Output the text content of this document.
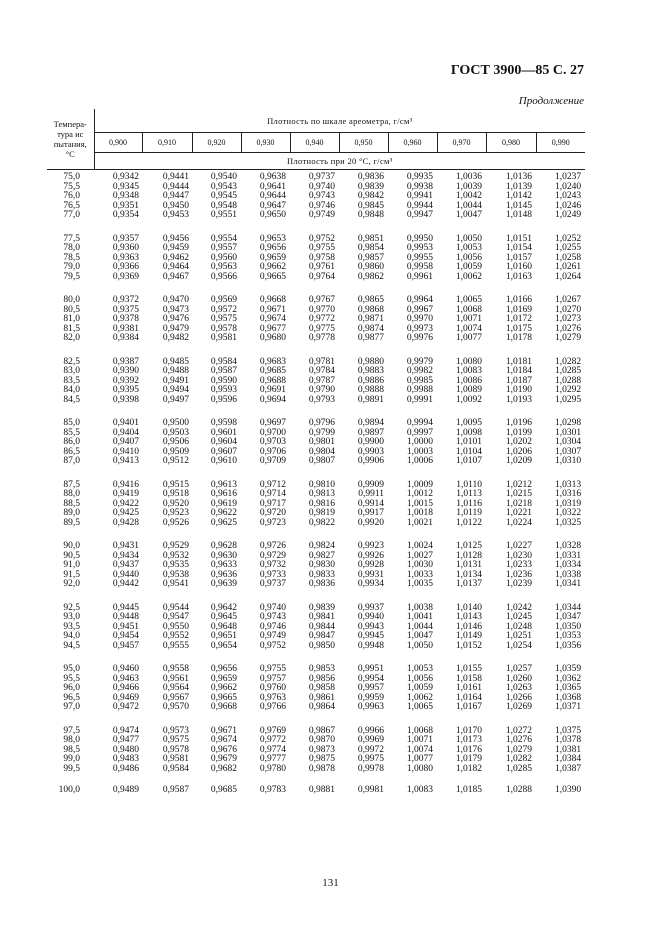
ГОСТ 3900—85 С. 27
Продолжение
Темпера-
тура ис
пытания,
°С	Плотность по шкале ареометра, г/см³									
	0,900	0,910	0,920	0,930	0,940	0,950	0,960	0,970	0,980	0,990
	Плотность при 20 °С, г/см³									

75,0	0,9342	0,9441	0,9540	0,9638	0,9737	0,9836	0,9935	1,0036	1,0136	1,0237
75,5	0,9345	0,9444	0,9543	0,9641	0,9740	0,9839	0,9938	1,0039	1,0139	1,0240
76,0	0,9348	0,9447	0,9545	0,9644	0,9743	0,9842	0,9941	1,0042	1,0142	1,0243
76,5	0,9351	0,9450	0,9548	0,9647	0,9746	0,9845	0,9944	1,0044	1,0145	1,0246
77,0	0,9354	0,9453	0,9551	0,9650	0,9749	0,9848	0,9947	1,0047	1,0148	1,0249

77,5	0,9357	0,9456	0,9554	0,9653	0,9752	0,9851	0,9950	1,0050	1,0151	1,0252
78,0	0,9360	0,9459	0,9557	0,9656	0,9755	0,9854	0,9953	1,0053	1,0154	1,0255
78,5	0,9363	0,9462	0,9560	0,9659	0,9758	0,9857	0,9955	1,0056	1,0157	1,0258
79,0	0,9366	0,9464	0,9563	0,9662	0,9761	0,9860	0,9958	1,0059	1,0160	1,0261
79,5	0,9369	0,9467	0,9566	0,9665	0,9764	0,9862	0,9961	1,0062	1,0163	1,0264

80,0	0,9372	0,9470	0,9569	0,9668	0,9767	0,9865	0,9964	1,0065	1,0166	1,0267
80,5	0,9375	0,9473	0,9572	0,9671	0,9770	0,9868	0,9967	1,0068	1,0169	1,0270
81,0	0,9378	0,9476	0,9575	0,9674	0,9772	0,9871	0,9970	1,0071	1,0172	1,0273
81,5	0,9381	0,9479	0,9578	0,9677	0,9775	0,9874	0,9973	1,0074	1,0175	1,0276
82,0	0,9384	0,9482	0,9581	0,9680	0,9778	0,9877	0,9976	1,0077	1,0178	1,0279

82,5	0,9387	0,9485	0,9584	0,9683	0,9781	0,9880	0,9979	1,0080	1,0181	1,0282
83,0	0,9390	0,9488	0,9587	0,9685	0,9784	0,9883	0,9982	1,0083	1,0184	1,0285
83,5	0,9392	0,9491	0,9590	0,9688	0,9787	0,9886	0,9985	1,0086	1,0187	1,0288
84,0	0,9395	0,9494	0,9593	0,9691	0,9790	0,9888	0,9988	1,0089	1,0190	1,0292
84,5	0,9398	0,9497	0,9596	0,9694	0,9793	0,9891	0,9991	1,0092	1,0193	1,0295

85,0	0,9401	0,9500	0,9598	0,9697	0,9796	0,9894	0,9994	1,0095	1,0196	1,0298
85,5	0,9404	0,9503	0,9601	0,9700	0,9799	0,9897	0,9997	1,0098	1,0199	1,0301
86,0	0,9407	0,9506	0,9604	0,9703	0,9801	0,9900	1,0000	1,0101	1,0202	1,0304
86,5	0,9410	0,9509	0,9607	0,9706	0,9804	0,9903	1,0003	1,0104	1,0206	1,0307
87,0	0,9413	0,9512	0,9610	0,9709	0,9807	0,9906	1,0006	1,0107	1,0209	1,0310

87,5	0,9416	0,9515	0,9613	0,9712	0,9810	0,9909	1,0009	1,0110	1,0212	1,0313
88,0	0,9419	0,9518	0,9616	0,9714	0,9813	0,9911	1,0012	1,0113	1,0215	1,0316
88,5	0,9422	0,9520	0,9619	0,9717	0,9816	0,9914	1,0015	1,0116	1,0218	1,0319
89,0	0,9425	0,9523	0,9622	0,9720	0,9819	0,9917	1,0018	1,0119	1,0221	1,0322
89,5	0,9428	0,9526	0,9625	0,9723	0,9822	0,9920	1,0021	1,0122	1,0224	1,0325

90,0	0,9431	0,9529	0,9628	0,9726	0,9824	0,9923	1,0024	1,0125	1,0227	1,0328
90,5	0,9434	0,9532	0,9630	0,9729	0,9827	0,9926	1,0027	1,0128	1,0230	1,0331
91,0	0,9437	0,9535	0,9633	0,9732	0,9830	0,9928	1,0030	1,0131	1,0233	1,0334
91,5	0,9440	0,9538	0,9636	0,9733	0,9833	0,9931	1,0033	1,0134	1,0236	1,0338
92,0	0,9442	0,9541	0,9639	0,9737	0,9836	0,9934	1,0035	1,0137	1,0239	1,0341

92,5	0,9445	0,9544	0,9642	0,9740	0,9839	0,9937	1,0038	1,0140	1,0242	1,0344
93,0	0,9448	0,9547	0,9645	0,9743	0,9841	0,9940	1,0041	1,0143	1,0245	1,0347
93,5	0,9451	0,9550	0,9648	0,9746	0,9844	0,9943	1,0044	1,0146	1,0248	1,0350
94,0	0,9454	0,9552	0,9651	0,9749	0,9847	0,9945	1,0047	1,0149	1,0251	1,0353
94,5	0,9457	0,9555	0,9654	0,9752	0,9850	0,9948	1,0050	1,0152	1,0254	1,0356

95,0	0,9460	0,9558	0,9656	0,9755	0,9853	0,9951	1,0053	1,0155	1,0257	1,0359
95,5	0,9463	0,9561	0,9659	0,9757	0,9856	0,9954	1,0056	1,0158	1,0260	1,0362
96,0	0,9466	0,9564	0,9662	0,9760	0,9858	0,9957	1,0059	1,0161	1,0263	1,0365
96,5	0,9469	0,9567	0,9665	0,9763	0,9861	0,9959	1,0062	1,0164	1,0266	1,0368
97,0	0,9472	0,9570	0,9668	0,9766	0,9864	0,9963	1,0065	1,0167	1,0269	1,0371

97,5	0,9474	0,9573	0,9671	0,9769	0,9867	0,9966	1,0068	1,0170	1,0272	1,0375
98,0	0,9477	0,9575	0,9674	0,9772	0,9870	0,9969	1,0071	1,0173	1,0276	1,0378
98,5	0,9480	0,9578	0,9676	0,9774	0,9873	0,9972	1,0074	1,0176	1,0279	1,0381
99,0	0,9483	0,9581	0,9679	0,9777	0,9875	0,9975	1,0077	1,0179	1,0282	1,0384
99,5	0,9486	0,9584	0,9682	0,9780	0,9878	0,9978	1,0080	1,0182	1,0285	1,0387

100,0	0,9489	0,9587	0,9685	0,9783	0,9881	0,9981	1,0083	1,0185	1,0288	1,0390
131
